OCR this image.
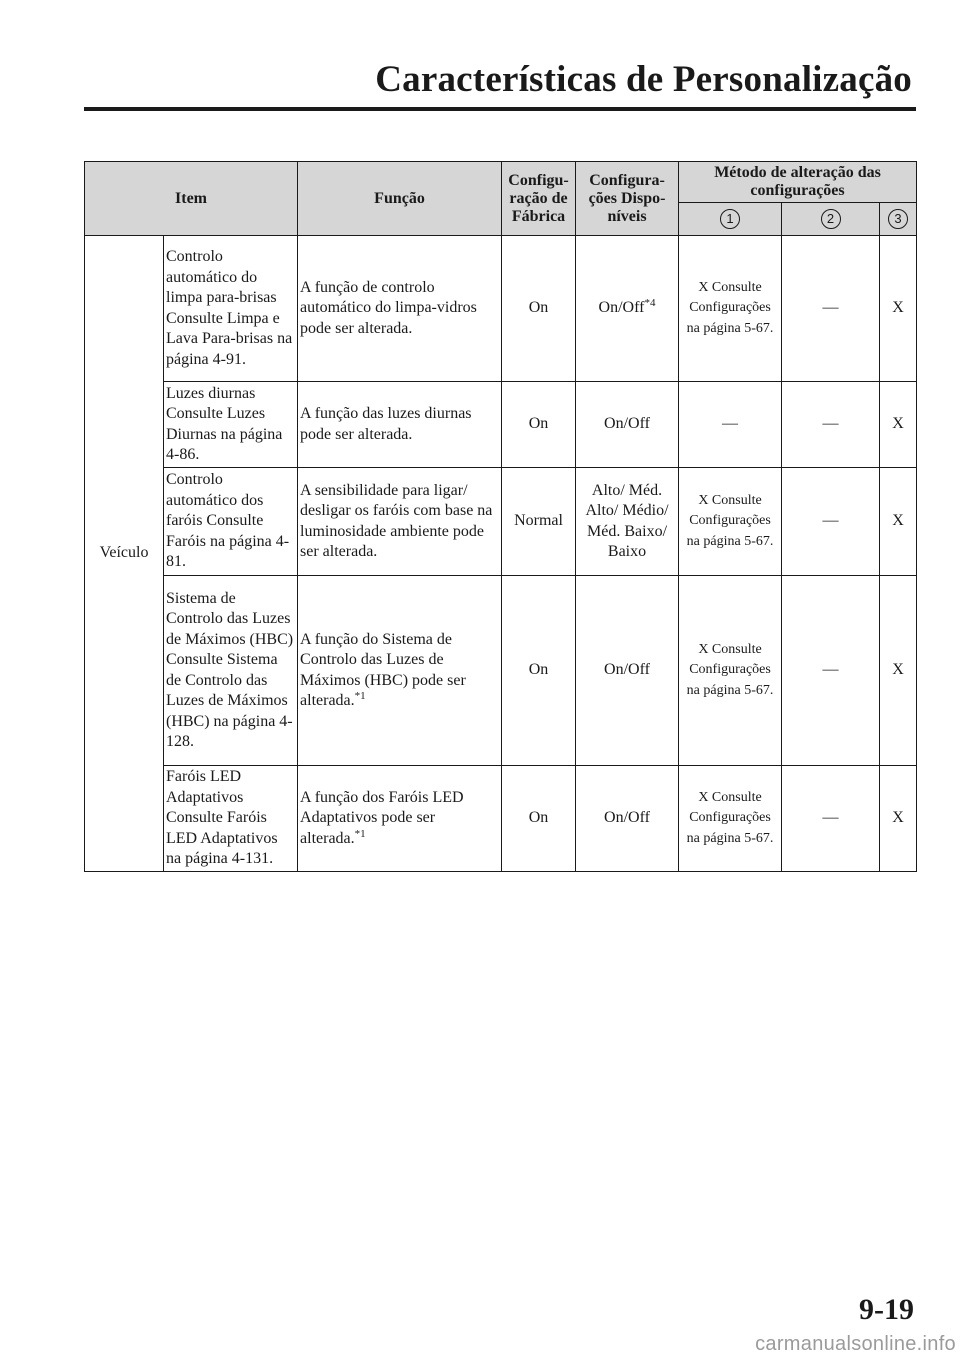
Características de Personalização
Item		Função	Configu-ração de Fábrica	Configura-ções Dispo-níveis	Método de alteração das configurações		
					1	2	3
Veículo	Controlo automático do limpa para-brisas Consulte Limpa e Lava Para-brisas na página 4-91.	A função de controlo automático do limpa-vidros pode ser alterada.	On	On/Off$^{*4}$	X Consulte Configurações na página 5-67.	—	X
	Luzes diurnas Consulte Luzes Diurnas na página 4-86.	A função das luzes diurnas pode ser alterada.	On	On/Off	—	—	X
	Controlo automático dos faróis Consulte Faróis na página 4-81.	A sensibilidade para ligar/ desligar os faróis com base na luminosidade ambiente pode ser alterada.	Normal	Alto/ Méd. Alto/ Médio/ Méd. Baixo/ Baixo	X Consulte Configurações na página 5-67.	—	X
	Sistema de Controlo das Luzes de Máximos (HBC) Consulte Sistema de Controlo das Luzes de Máximos (HBC) na página 4-128.	A função do Sistema de Controlo das Luzes de Máximos (HBC) pode ser alterada.$^{*1}$	On	On/Off	X Consulte Configurações na página 5-67.	—	X
	Faróis LED Adaptativos Consulte Faróis LED Adaptativos na página 4-131.	A função dos Faróis LED Adaptativos pode ser alterada.$^{*1}$	On	On/Off	X Consulte Configurações na página 5-67.	—	X
9-19
carmanualsonline.info
